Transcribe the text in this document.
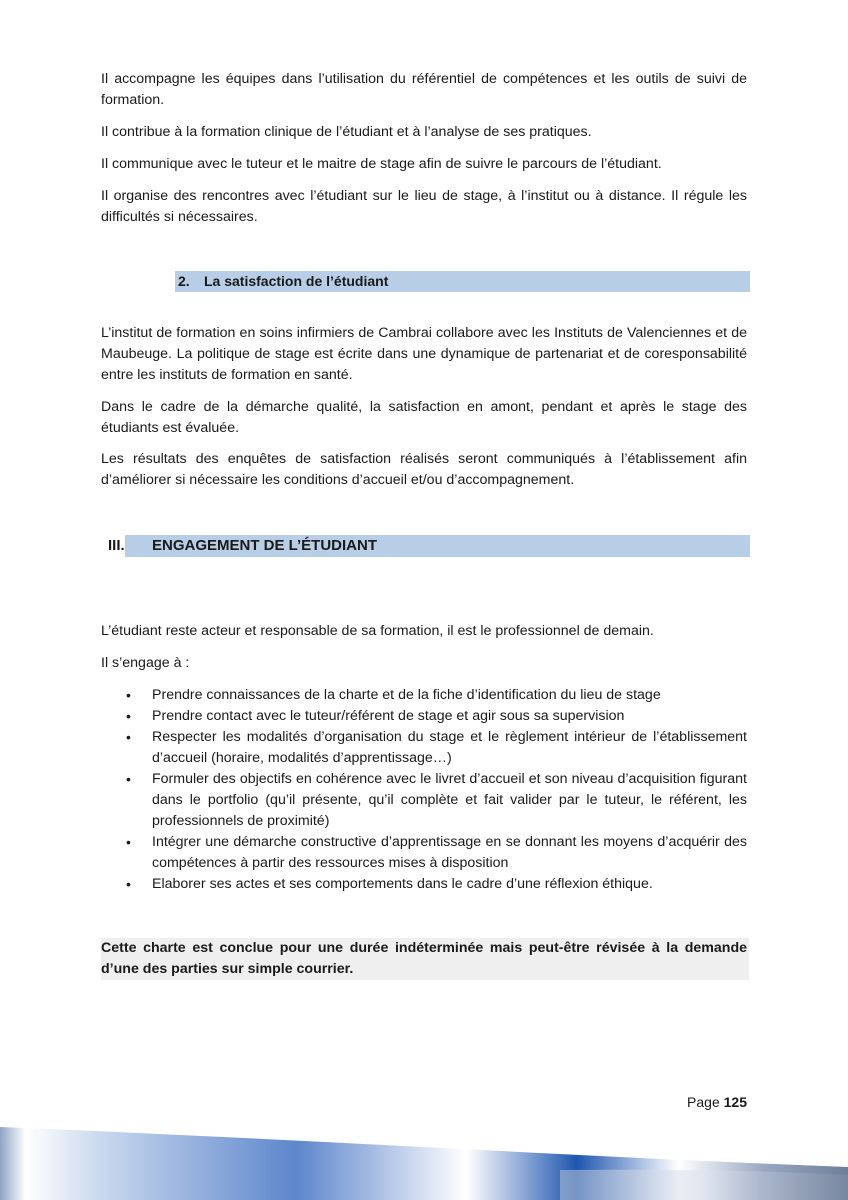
Il accompagne les équipes dans l’utilisation du référentiel de compétences et les outils de suivi de formation.

Il contribue à la formation clinique de l’étudiant et à l’analyse de ses pratiques.

Il communique avec le tuteur et le maitre de stage afin de suivre le parcours de l’étudiant.

Il organise des rencontres avec l’étudiant sur le lieu de stage, à l’institut ou à distance. Il régule les difficultés si nécessaires.

2. La satisfaction de l’étudiant

L’institut de formation en soins infirmiers de Cambrai collabore avec les Instituts de Valenciennes et de Maubeuge. La politique de stage est écrite dans une dynamique de partenariat et de coresponsabilité entre les instituts de formation en santé.

Dans le cadre de la démarche qualité, la satisfaction en amont, pendant et après le stage des étudiants est évaluée.

Les résultats des enquêtes de satisfaction réalisés seront communiqués à l’établissement afin d’améliorer si nécessaire les conditions d’accueil et/ou d’accompagnement.

III. ENGAGEMENT DE L’ÉTUDIANT

L’étudiant reste acteur et responsable de sa formation, il est le professionnel de demain.

Il s’engage à :

• Prendre connaissances de la charte et de la fiche d’identification du lieu de stage
• Prendre contact avec le tuteur/référent de stage et agir sous sa supervision
• Respecter les modalités d’organisation du stage et le règlement intérieur de l’établissement d’accueil (horaire, modalités d’apprentissage…)
• Formuler des objectifs en cohérence avec le livret d’accueil et son niveau d’acquisition figurant dans le portfolio (qu’il présente, qu’il complète et fait valider par le tuteur, le référent, les professionnels de proximité)
• Intégrer une démarche constructive d’apprentissage en se donnant les moyens d’acquérir des compétences à partir des ressources mises à disposition
• Elaborer ses actes et ses comportements dans le cadre d’une réflexion éthique.

Cette charte est conclue pour une durée indéterminée mais peut-être révisée à la demande d’une des parties sur simple courrier.

Page 125
